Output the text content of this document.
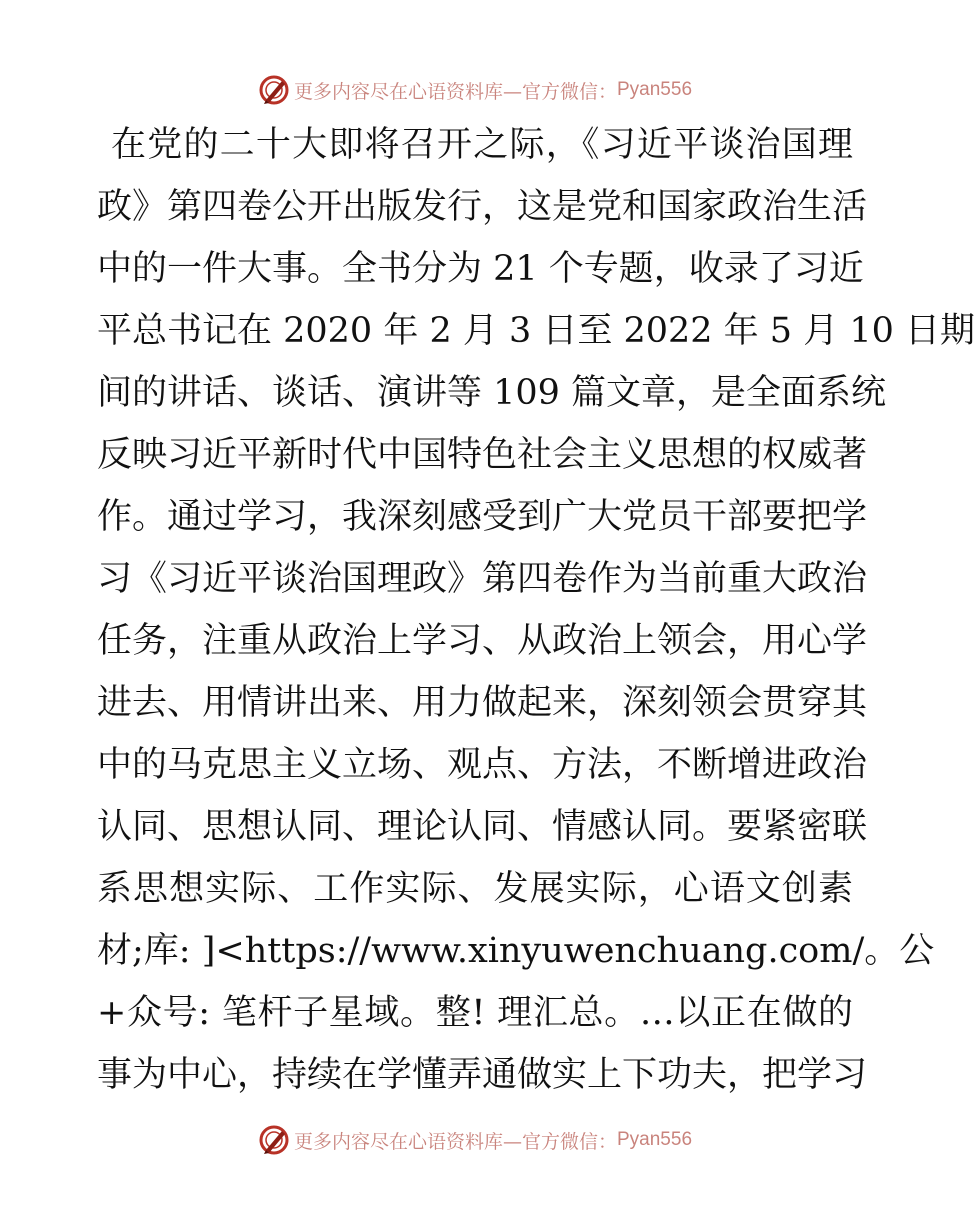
更多内容尽在心语资料库—官方微信： Pyan556
在党的二十大即将召开之际，《习近平谈治国理
政》第四卷公开出版发行，这是党和国家政治生活
中的一件大事。全书分为 21 个专题，收录了习近
平总书记在 2020 年 2 月 3 日至 2022 年 5 月 10 日期
间的讲话、谈话、演讲等 109 篇文章，是全面系统
反映习近平新时代中国特色社会主义思想的权威著
作。通过学习，我深刻感受到广大党员干部要把学
习《习近平谈治国理政》第四卷作为当前重大政治
任务，注重从政治上学习、从政治上领会，用心学
进去、用情讲出来、用力做起来，深刻领会贯穿其
中的马克思主义立场、观点、方法，不断增进政治
认同、思想认同、理论认同、情感认同。要紧密联
系思想实际、工作实际、发展实际，心语文创素
材;库: ]<https://www.xinyuwenchuang.com/。公
+众号: 笔杆子星域。整! 理汇总。…以正在做的
事为中心，持续在学懂弄通做实上下功夫，把学习
更多内容尽在心语资料库—官方微信： Pyan556
